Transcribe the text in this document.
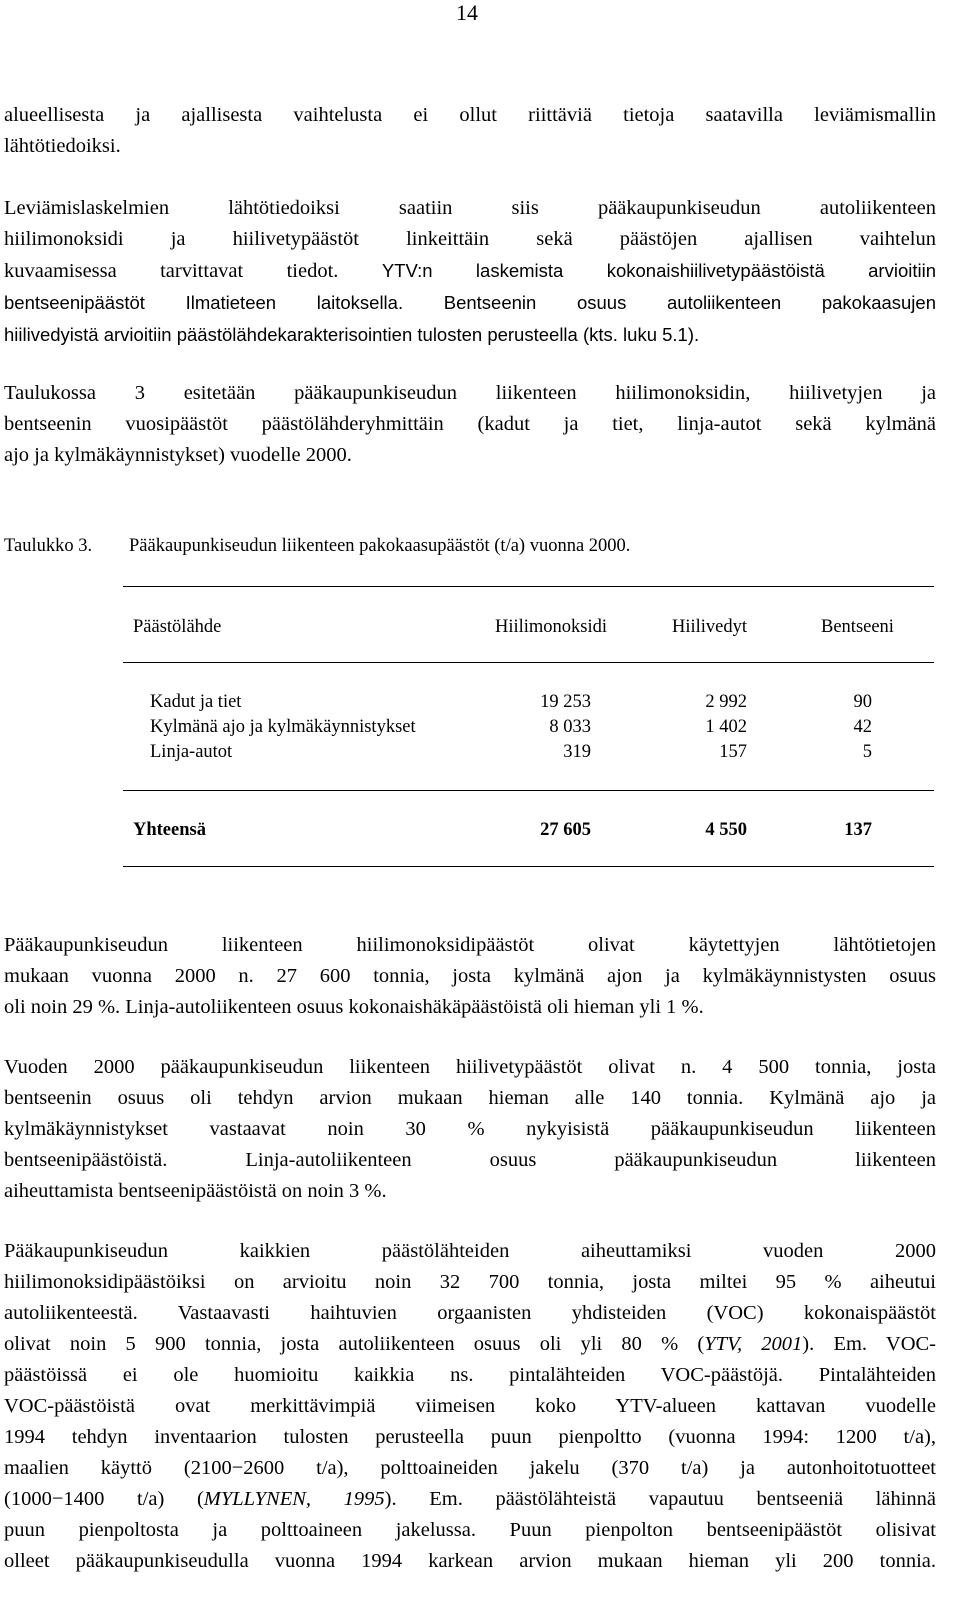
14
alueellisesta ja ajallisesta vaihtelusta ei ollut riittäviä tietoja saatavilla leviämismallin
lähtötiedoiksi.
Leviämislaskelmien lähtötiedoiksi saatiin siis pääkaupunkiseudun autoliikenteen
hiilimonoksidi ja hiilivetypäästöt linkeittäin sekä päästöjen ajallisen vaihtelun
kuvaamisessa tarvittavat tiedot. YTV:n laskemista kokonaishiilivetypäästöistä arvioitiin
bentseenipäästöt Ilmatieteen laitoksella. Bentseenin osuus autoliikenteen pakokaasujen
hiilivedyistä arvioitiin päästölähdekarakterisointien tulosten perusteella (kts. luku 5.1).
Taulukossa 3 esitetään pääkaupunkiseudun liikenteen hiilimonoksidin, hiilivetyjen ja
bentseenin vuosipäästöt päästölähderyhmittäin (kadut ja tiet, linja-autot sekä kylmänä
ajo ja kylmäkäynnistykset) vuodelle 2000.
Taulukko 3. Pääkaupunkiseudun liikenteen pakokaasupäästöt (t/a) vuonna 2000.
Päästölähde	Hiilimonoksidi	Hiilivedyt	Bentseeni
Kadut ja tiet	19 253	2 992	90
Kylmänä ajo ja kylmäkäynnistykset	8 033	1 402	42
Linja-autot	319	157	5
Yhteensä	27 605	4 550	137
Pääkaupunkiseudun liikenteen hiilimonoksidipäästöt olivat käytettyjen lähtötietojen
mukaan vuonna 2000 n. 27 600 tonnia, josta kylmänä ajon ja kylmäkäynnistysten osuus
oli noin 29 %. Linja-autoliikenteen osuus kokonaishäkäpäästöistä oli hieman yli 1 %.
Vuoden 2000 pääkaupunkiseudun liikenteen hiilivetypäästöt olivat n. 4 500 tonnia, josta
bentseenin osuus oli tehdyn arvion mukaan hieman alle 140 tonnia. Kylmänä ajo ja
kylmäkäynnistykset vastaavat noin 30 % nykyisistä pääkaupunkiseudun liikenteen
bentseenipäästöistä. Linja-autoliikenteen osuus pääkaupunkiseudun liikenteen
aiheuttamista bentseenipäästöistä on noin 3 %.
Pääkaupunkiseudun kaikkien päästölähteiden aiheuttamiksi vuoden 2000
hiilimonoksidipäästöiksi on arvioitu noin 32 700 tonnia, josta miltei 95 % aiheutui
autoliikenteestä. Vastaavasti haihtuvien orgaanisten yhdisteiden (VOC) kokonaispäästöt
olivat noin 5 900 tonnia, josta autoliikenteen osuus oli yli 80 % (YTV, 2001). Em. VOC-
päästöissä ei ole huomioitu kaikkia ns. pintalähteiden VOC-päästöjä. Pintalähteiden
VOC-päästöistä ovat merkittävimpiä viimeisen koko YTV-alueen kattavan vuodelle
1994 tehdyn inventaarion tulosten perusteella puun pienpoltto (vuonna 1994: 1200 t/a),
maalien käyttö (2100−2600 t/a), polttoaineiden jakelu (370 t/a) ja autonhoitotuotteet
(1000−1400 t/a) (MYLLYNEN, 1995). Em. päästölähteistä vapautuu bentseeniä lähinnä
puun pienpoltosta ja polttoaineen jakelussa. Puun pienpolton bentseenipäästöt olisivat
olleet pääkaupunkiseudulla vuonna 1994 karkean arvion mukaan hieman yli 200 tonnia.
